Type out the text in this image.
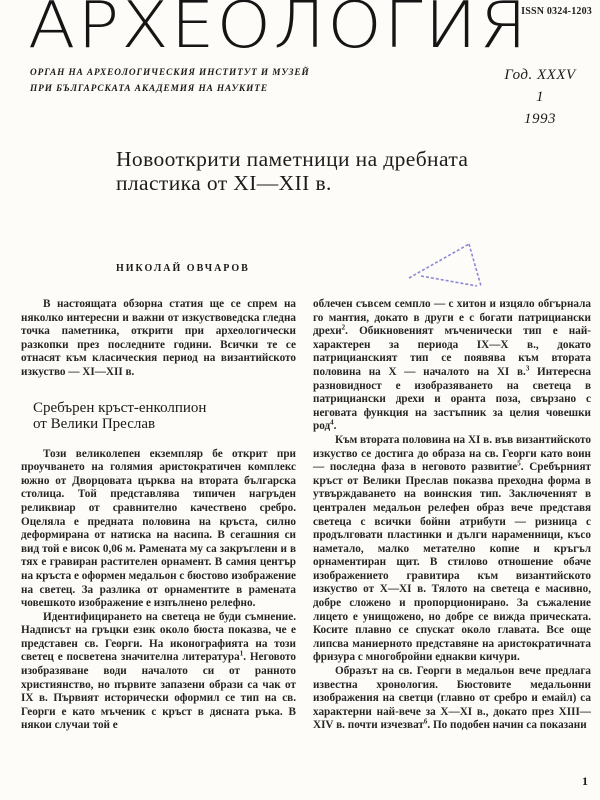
АРХЕОЛОГИЯ
ISSN 0324-1203
ОРГАН НА АРХЕОЛОГИЧЕСКИЯ ИНСТИТУТ И МУЗЕЙ
ПРИ БЪЛГАРСКАТА АКАДЕМИЯ НА НАУКИТЕ
Год. XXXV
1
1993
Новооткрити паметници на дребната
пластика от XI—XII в.
НИКОЛАЙ ОВЧАРОВ

В настоящата обзорна статия ще се спрем на няколко интересни и важни от изкуствоведска гледна точка паметника, открити при археологически разкопки през последните години. Всички те се отнасят към класическия период на византийското изкуство — XI—XII в.

Сребърен кръст-енколпион
от Велики Преслав

Този великолепен екземпляр бе открит при проучването на голямия аристократичен комплекс южно от Дворцовата църква на втората българска столица. Той представлява типичен нагръден реликвиар от сравнително качествено сребро. Оцеляла е предната половина на кръста, силно деформирана от натиска на насипа. В сегашния си вид той е висок 0,06 м. Рамената му са закръглени и в тях е гравиран растителен орнамент. В самия център на кръста е оформен медальон с бюстово изображение на светец. За разлика от орнаментите в рамената човешкото изображение е изпълнено релефно.

Идентифицирането на светеца не буди съмнение. Надписът на гръцки език около бюста показва, че е представен св. Георги. На иконографията на този светец е посветена значителна литература$^1$. Неговото изобразяване води началото си от ранното християнство, но първите запазени образи са чак от IX в. Първият исторически оформил се тип на св. Георги е като мъченик с кръст в дясната ръка. В някои случаи той е

облечен съвсем семпло — с хитон и изцяло обгърнала го мантия, докато в други е с богати патрициански дрехи$^2$. Обикновеният мъченически тип е най-характерен за периода IX—X в., докато патрицианският тип се появява към втората половина на X — началото на XI в.$^3$ Интересна разновидност е изобразяването на светеца в патрициански дрехи и оранта поза, свързано с неговата функция на застъпник за целия човешки род$^4$.

Към втората половина на XI в. във византийското изкуство се достига до образа на св. Георги като воин — последна фаза в неговото развитие$^5$. Сребърният кръст от Велики Преслав показва преходна форма в утвърждаването на воинския тип. Заключеният в централен медальон релефен образ вече представя светеца с всички бойни атрибути — ризница с продълговати пластинки и дълги нараменници, късо наметало, малко метателно копие и кръгъл орнаментиран щит. В стилово отношение обаче изображението гравитира към византийското изкуство от X—XI в. Тялото на светеца е масивно, добре сложено и пропорционирано. За съжаление лицето е унищожено, но добре се вижда прическата. Косите плавно се спускат около главата. Все още липсва маниерното представяне на аристократичната фризура с многобройни еднакви кичури.

Образът на св. Георги в медальон вече предлага известна хронология. Бюстовите медальонни изображения на светци (главно от сребро и емайл) са характерни най-вече за X—XI в., докато през XIII—XIV в. почти изчезват$^6$. По подобен начин са показани

1
